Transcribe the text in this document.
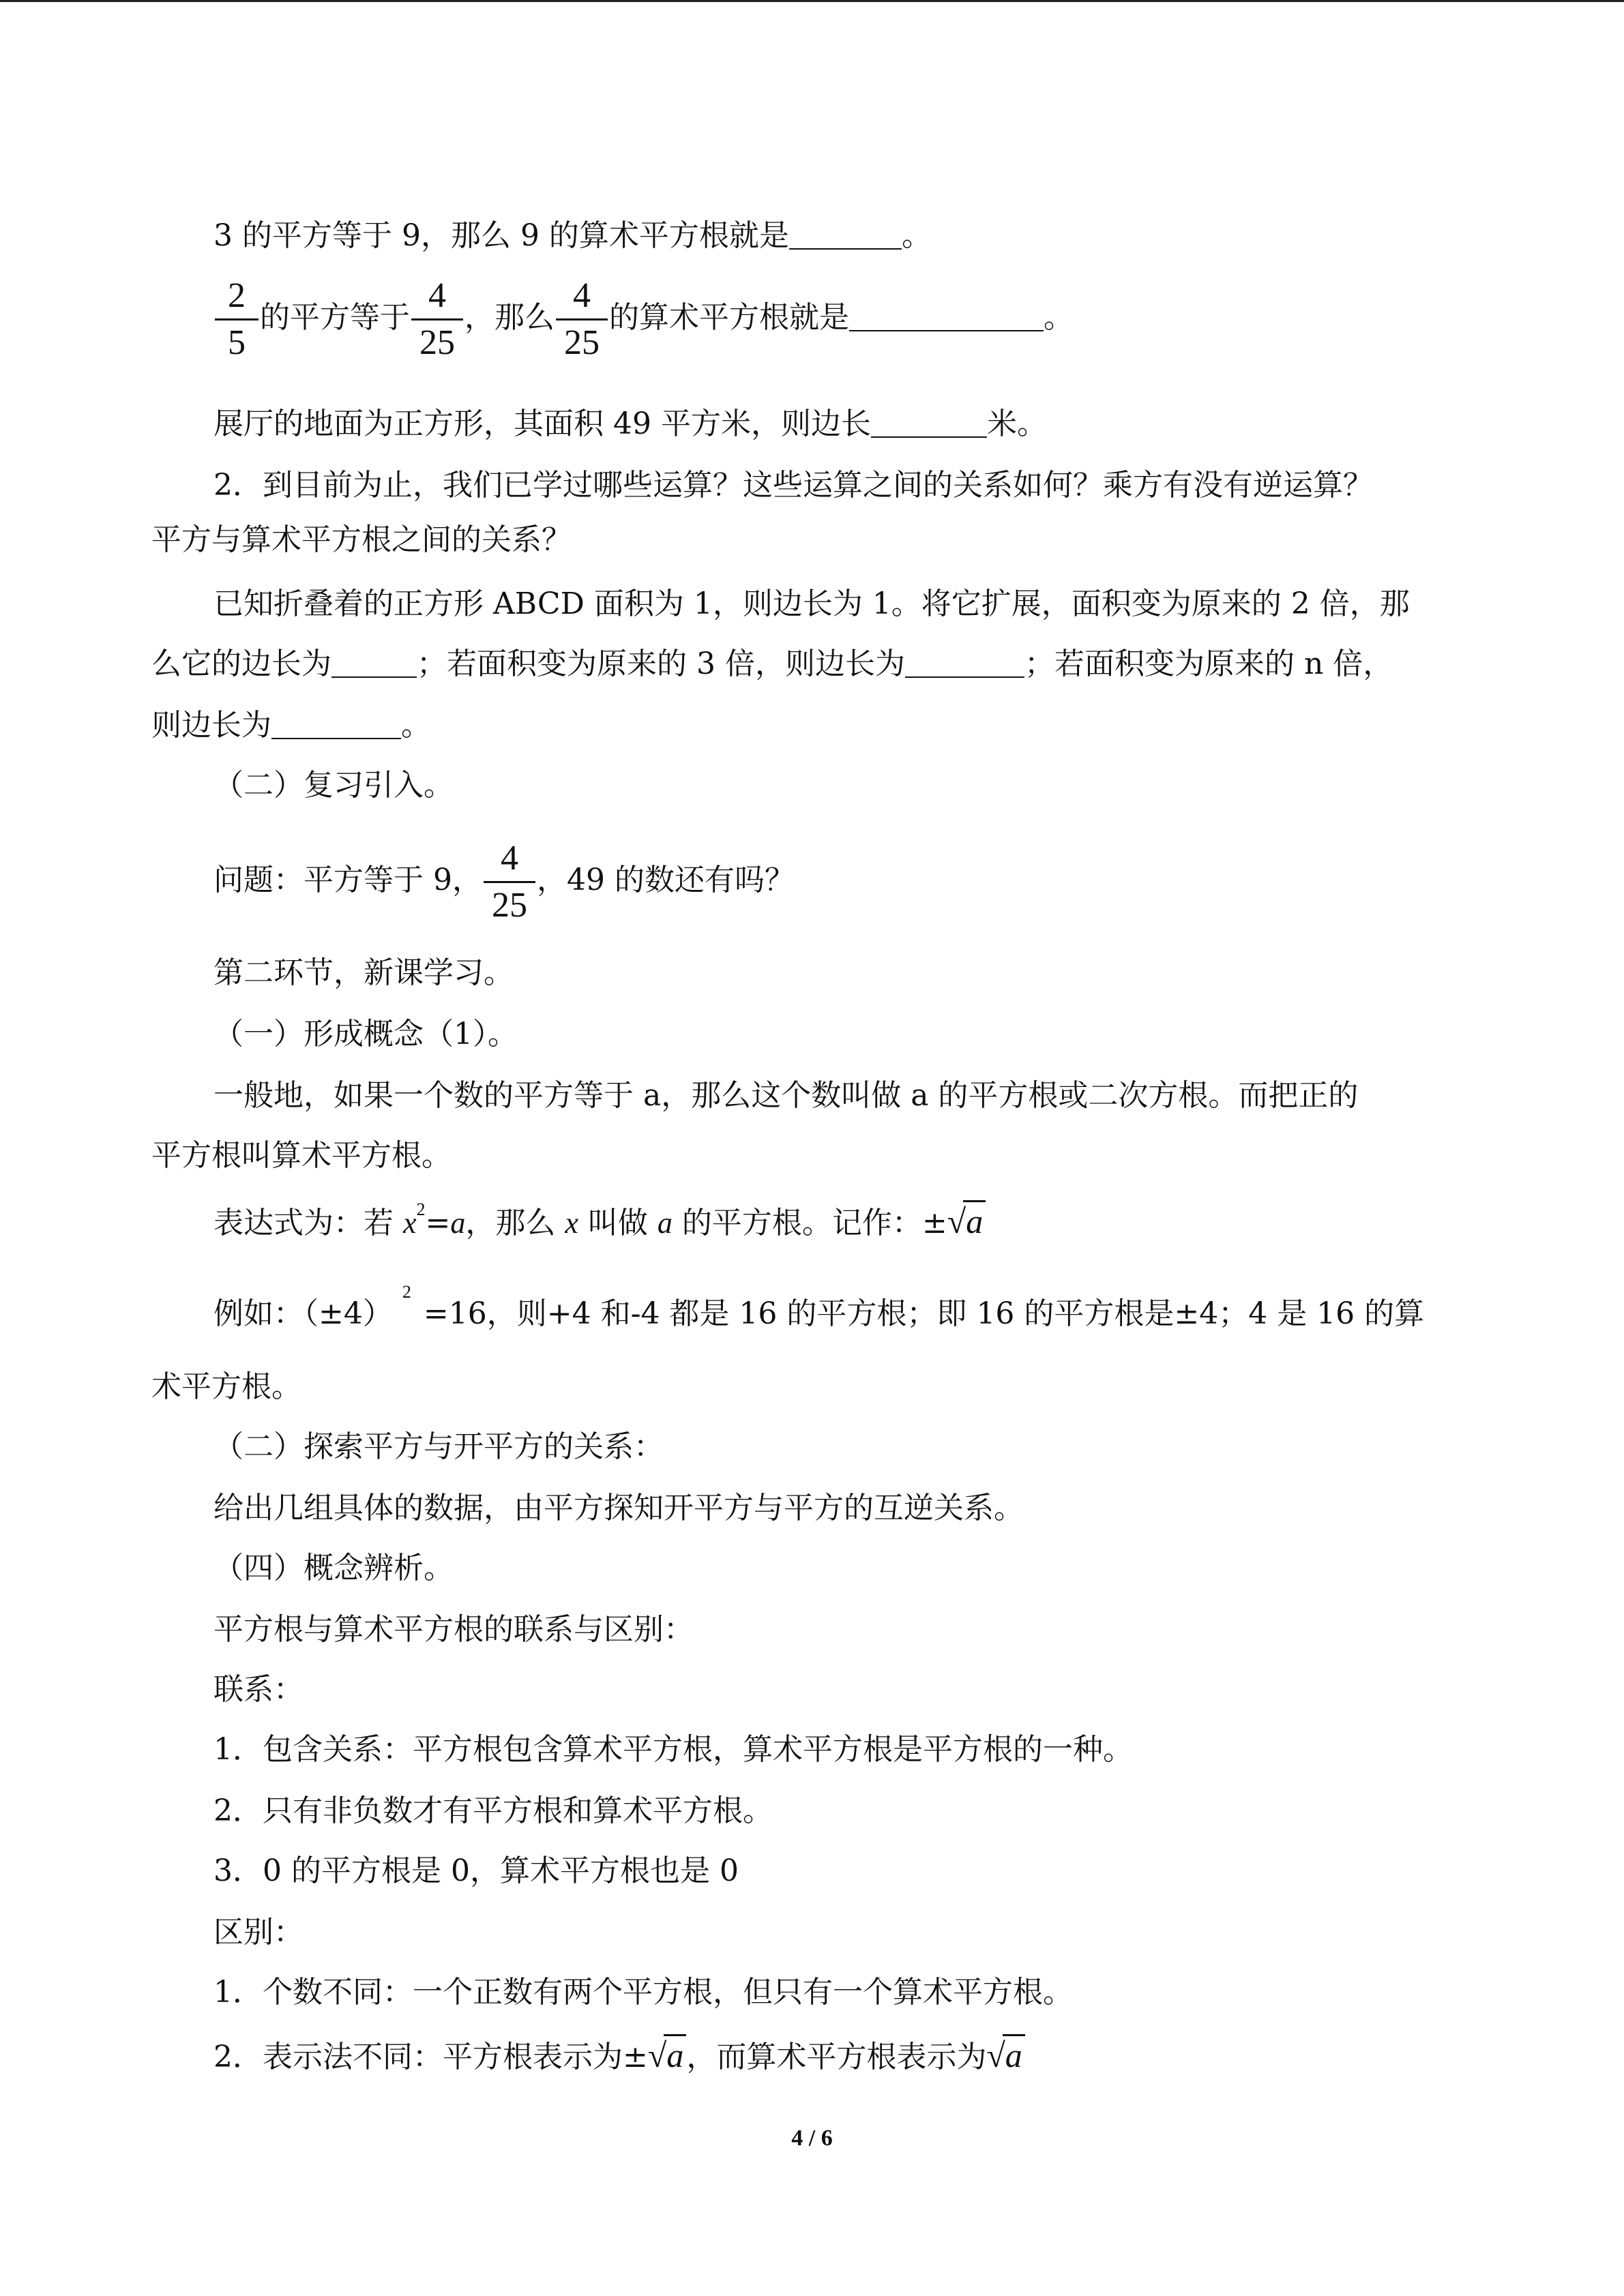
3 的平方等于 9，那么 9 的算术平方根就是	。
$\frac{2}{5}$ 的平方等于 $\frac{4}{25}$ ，那么 $\frac{4}{25}$ 的算术平方根就是	。
展厅的地面为正方形，其面积 49 平方米，则边长	米。
2．到目前为止，我们已学过哪些运算？这些运算之间的关系如何？乘方有没有逆运算？
平方与算术平方根之间的关系？
已知折叠着的正方形 ABCD 面积为 1，则边长为 1。将它扩展，面积变为原来的 2 倍，那
么它的边长为	；若面积变为原来的 3 倍，则边长为	；若面积变为原来的 n 倍，
则边长为	。
（二）复习引入。
问题：平方等于 9， $\frac{4}{25}$ ，49 的数还有吗？
第二环节，新课学习。
（一）形成概念（1）。
一般地，如果一个数的平方等于 a，那么这个数叫做 a 的平方根或二次方根。而把正的
平方根叫算术平方根。
表达式为：若 $x^2=a$，那么 x 叫做 a 的平方根。记作：±√a
例如：$(\pm 4)^2=16$，则+4 和-4 都是 16 的平方根；即 16 的平方根是±4；4 是 16 的算
术平方根。
（二）探索平方与开平方的关系：
给出几组具体的数据，由平方探知开平方与平方的互逆关系。
（四）概念辨析。
平方根与算术平方根的联系与区别：
联系：
1．包含关系：平方根包含算术平方根，算术平方根是平方根的一种。
2．只有非负数才有平方根和算术平方根。
3．0 的平方根是 0，算术平方根也是 0
区别：
1．个数不同：一个正数有两个平方根，但只有一个算术平方根。
2．表示法不同：平方根表示为±√a，而算术平方根表示为√a
4 / 6
